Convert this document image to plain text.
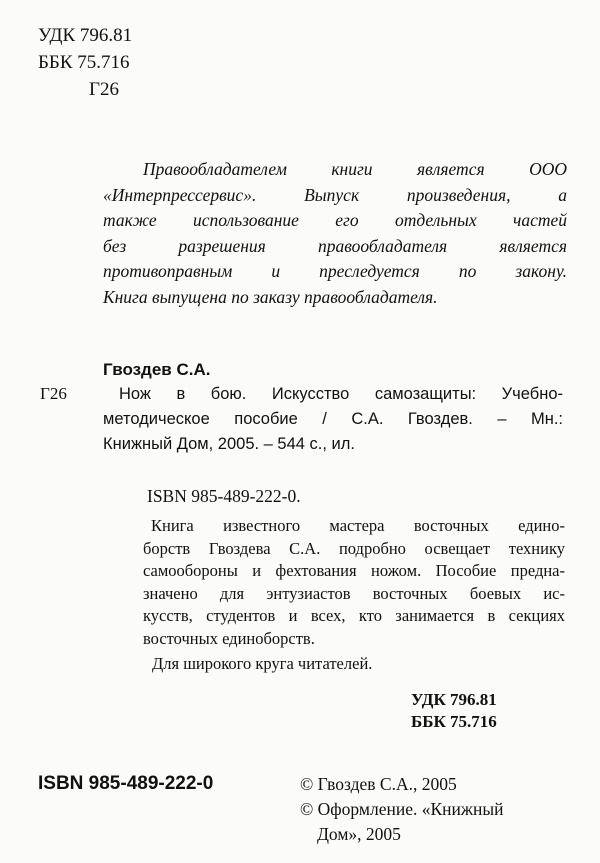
УДК 796.81
ББК 75.716
Г26
Правообладателем книги является ООО
«Интерпрессервис». Выпуск произведения, а
также использование его отдельных частей
без разрешения правообладателя является
противоправным и преследуется по закону.
Книга выпущена по заказу правообладателя.
Гвоздев С.А.
Г26	Нож в бою. Искусство самозащиты: Учебно-
методическое пособие / С.А. Гвоздев. – Мн.:
Книжный Дом, 2005. – 544 с., ил.
ISBN 985-489-222-0.
Книга известного мастера восточных едино-
борств Гвоздева С.А. подробно освещает технику
самообороны и фехтования ножом. Пособие предна-
значено для энтузиастов восточных боевых ис-
кусств, студентов и всех, кто занимается в секциях
восточных единоборств.
Для широкого круга читателей.
УДК 796.81
ББК 75.716
ISBN 985-489-222-0	© Гвоздев С.А., 2005
© Оформление. «Книжный
Дом», 2005
